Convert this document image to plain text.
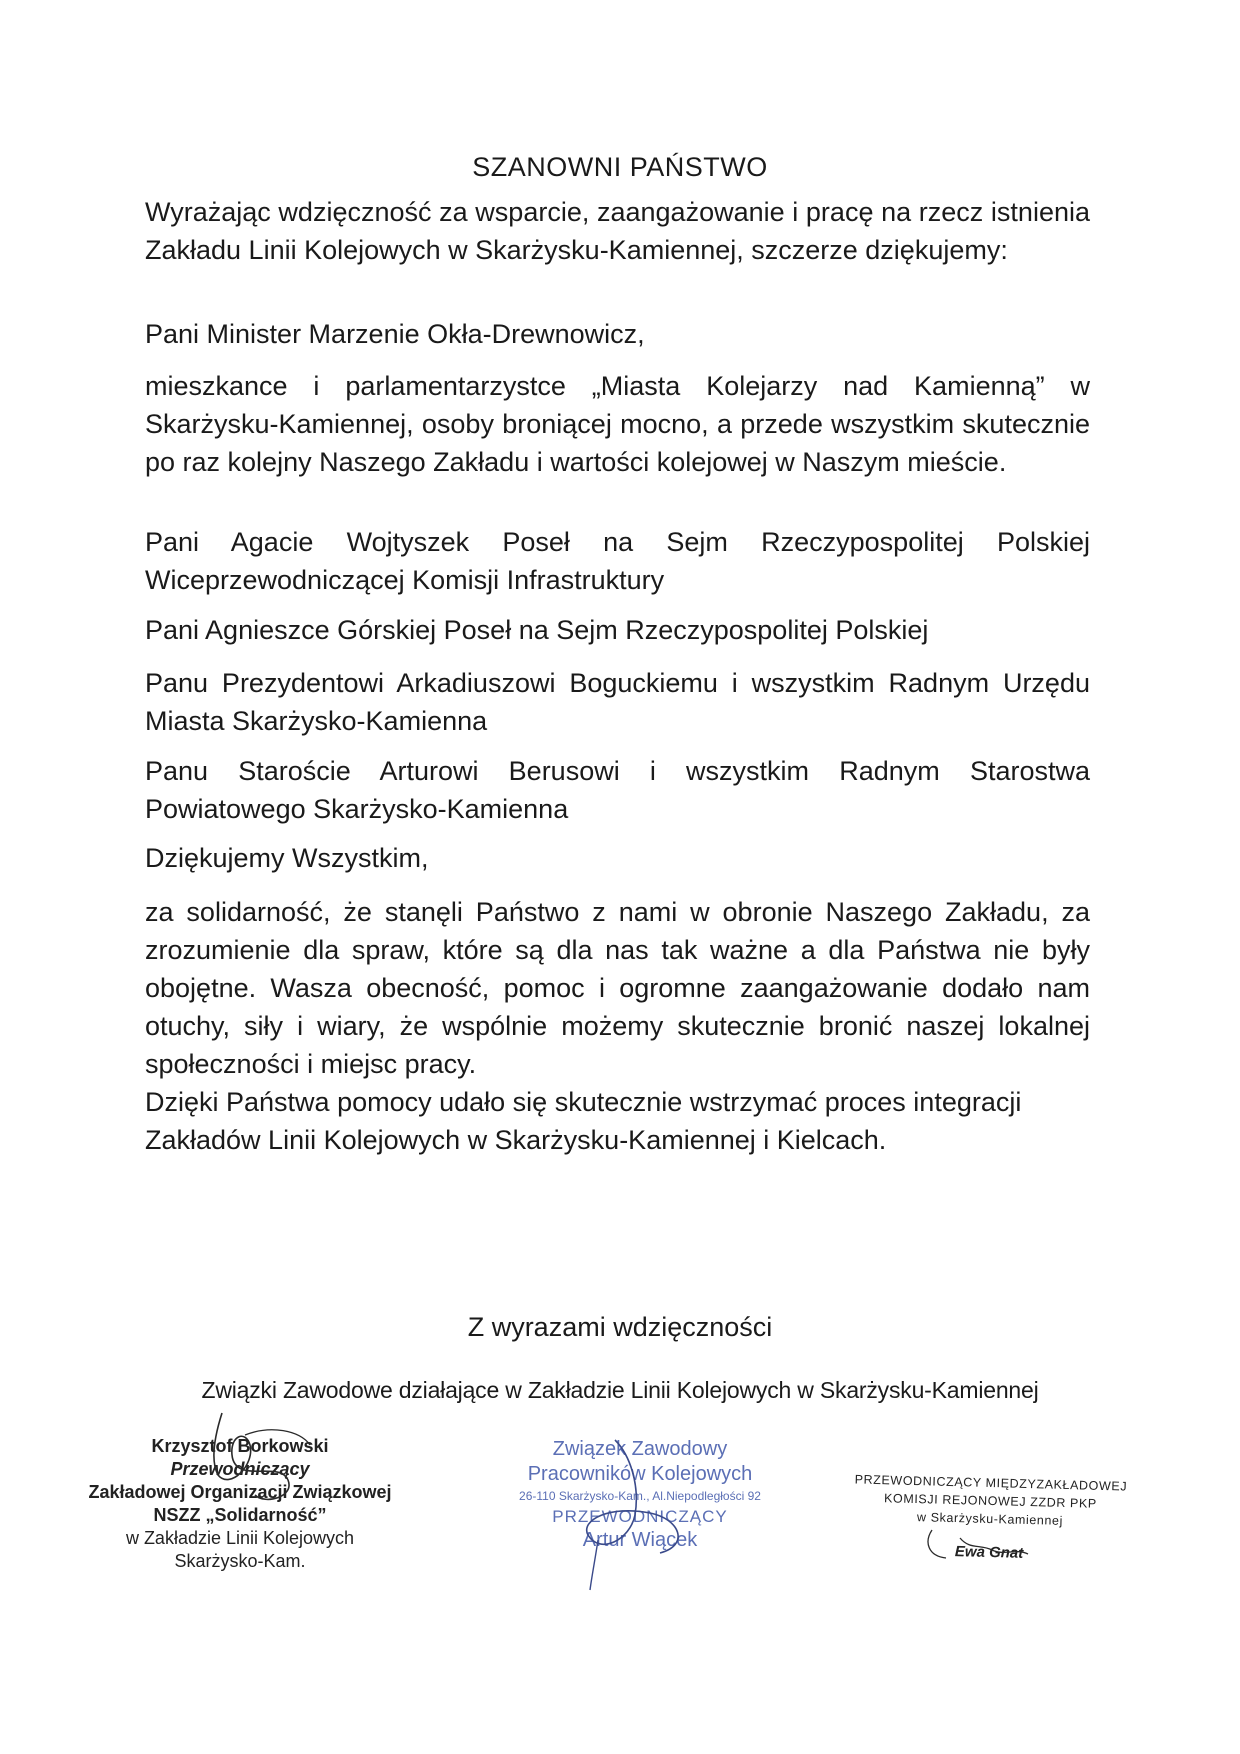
SZANOWNI PAŃSTWO

Wyrażając wdzięczność za wsparcie, zaangażowanie i pracę na rzecz istnienia Zakładu Linii Kolejowych w Skarżysku-Kamiennej, szczerze dziękujemy:

Pani Minister Marzenie Okła-Drewnowicz,

mieszkance i parlamentarzystce „Miasta Kolejarzy nad Kamienną” w Skarżysku-Kamiennej, osoby broniącej mocno, a przede wszystkim skutecznie po raz kolejny Naszego Zakładu i wartości kolejowej w Naszym mieście.

Pani Agacie Wojtyszek Poseł na Sejm Rzeczypospolitej Polskiej Wiceprzewodniczącej Komisji Infrastruktury

Pani Agnieszce Górskiej Poseł na Sejm Rzeczypospolitej Polskiej

Panu Prezydentowi Arkadiuszowi Boguckiemu i wszystkim Radnym Urzędu Miasta Skarżysko-Kamienna

Panu Staroście Arturowi Berusowi i wszystkim Radnym Starostwa Powiatowego Skarżysko-Kamienna

Dziękujemy Wszystkim,

za solidarność, że stanęli Państwo z nami w obronie Naszego Zakładu, za zrozumienie dla spraw, które są dla nas tak ważne a dla Państwa nie były obojętne. Wasza obecność, pomoc i ogromne zaangażowanie dodało nam otuchy, siły i wiary, że wspólnie możemy skutecznie bronić naszej lokalnej społeczności i miejsc pracy.

Dzięki Państwa pomocy udało się skutecznie wstrzymać proces integracji Zakładów Linii Kolejowych w Skarżysku-Kamiennej i Kielcach.

Z wyrazami wdzięczności
Związki Zawodowe działające w Zakładzie Linii Kolejowych w Skarżysku-Kamiennej
Krzysztof Borkowski
Przewodniczący
Zakładowej Organizacji Związkowej
NSZZ „Solidarność”
w Zakładzie Linii Kolejowych
Skarżysko-Kam.
Związek Zawodowy
Pracowników Kolejowych
26-110 Skarżysko-Kam., Al.Niepodległości 92
PRZEWODNICZĄCY
Artur Wiącek
PRZEWODNICZĄCY MIĘDZYZAKŁADOWEJ
KOMISJI REJONOWEJ ZZDR PKP
w Skarżysku-Kamiennej
Ewa Gnat
